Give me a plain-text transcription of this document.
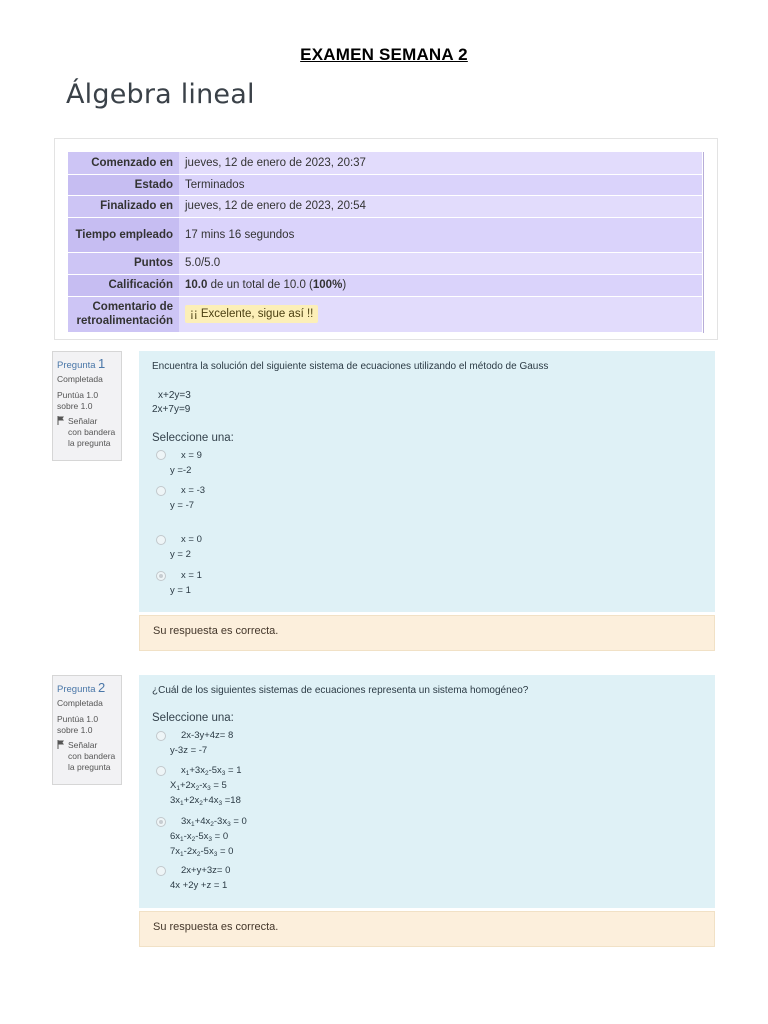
EXAMEN SEMANA 2
Álgebra lineal
Comenzado en	jueves, 12 de enero de 2023, 20:37
Estado	Terminados
Finalizado en	jueves, 12 de enero de 2023, 20:54
Tiempo empleado	17 mins 16 segundos
Puntos	5.0/5.0
Calificación	10.0 de un total de 10.0 (100%)
Comentario de retroalimentación	¡¡ Excelente, sigue así !!
Pregunta 1
Completada
Puntúa 1.0
sobre 1.0
Señalar
con bandera
la pregunta
Encuentra la solución del siguiente sistema de ecuaciones utilizando el método de Gauss
x+2y=3
2x+7y=9
Seleccione una:
x = 9
y =-2
x = -3
y = -7
x = 0
y = 2
x = 1
y = 1
Su respuesta es correcta.
Pregunta 2
Completada
Puntúa 1.0
sobre 1.0
Señalar
con bandera
la pregunta
¿Cuál de los siguientes sistemas de ecuaciones representa un sistema homogéneo?
Seleccione una:
2x-3y+4z= 8
y-3z = -7
$x_1+3x_2-5x_3 = 1$
$X_1+2x_2-x_3 = 5$
$3x_1+2x_2+4x_3 =18$
$3x_1+4x_2-3x_3 = 0$
$6x_1-x_2-5x_3 = 0$
$7x_1-2x_2-5x_3 = 0$
2x+y+3z= 0
4x +2y +z = 1
Su respuesta es correcta.
